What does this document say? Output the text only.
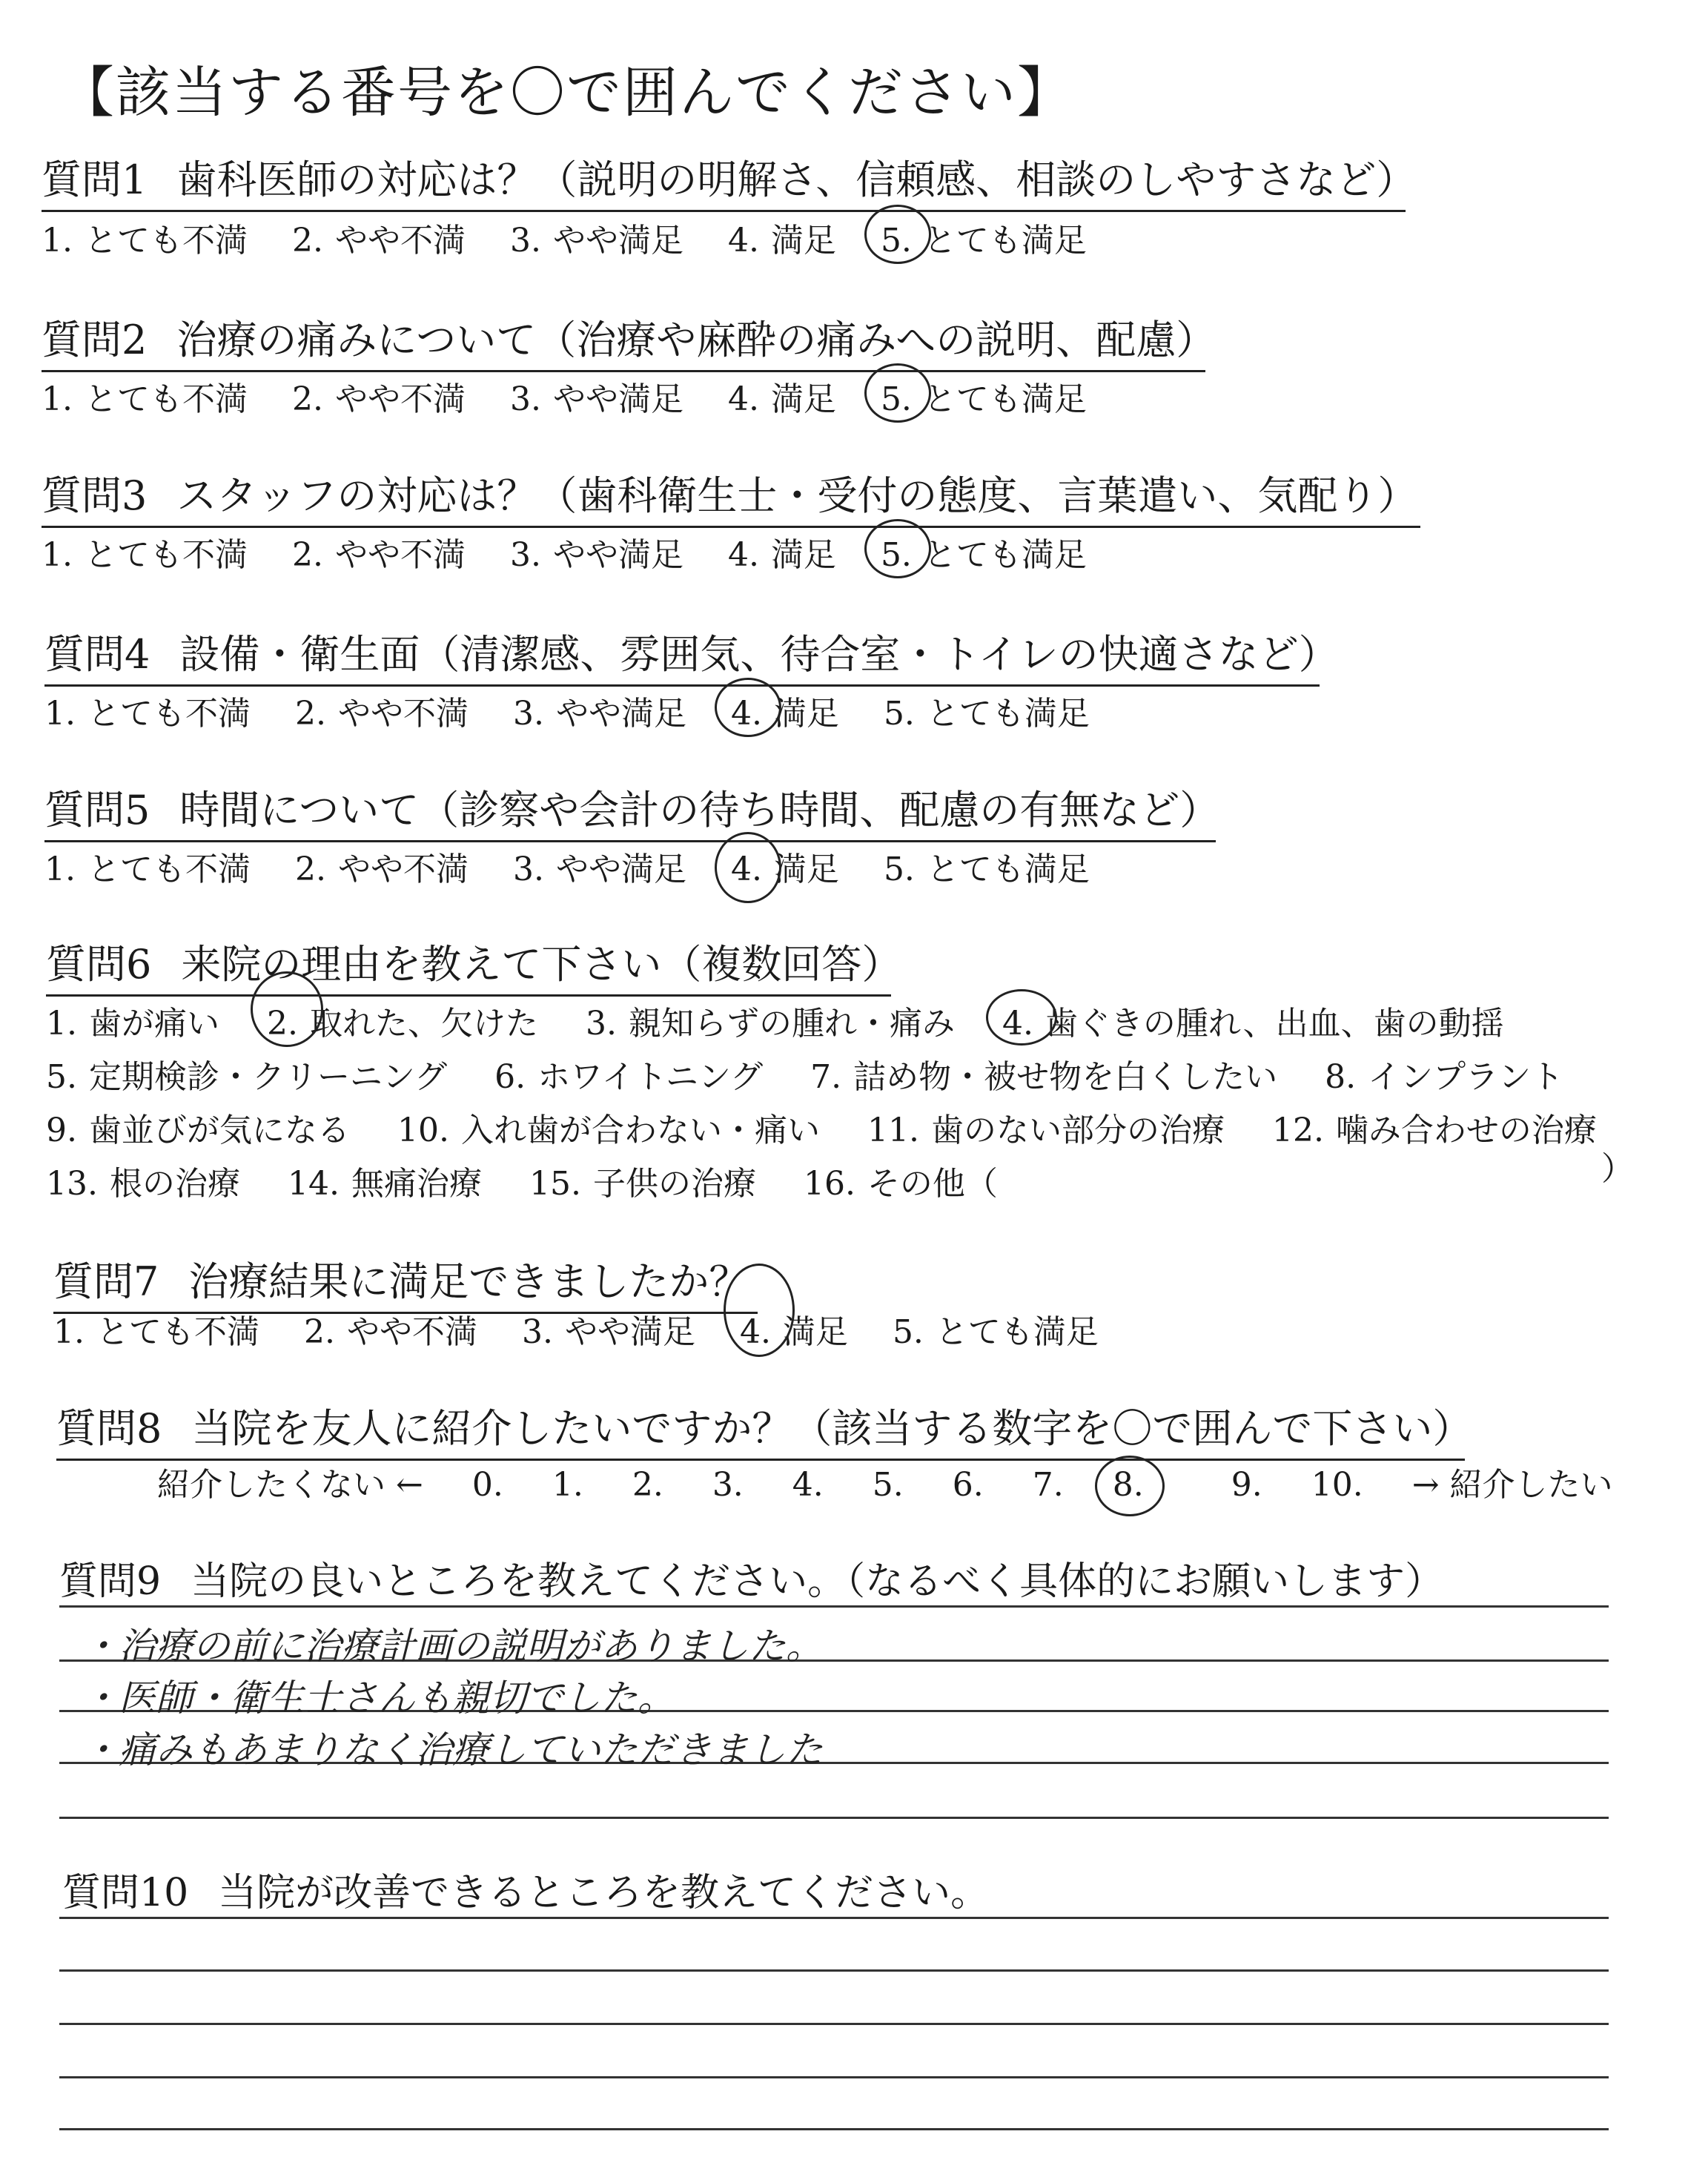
【該当する番号を〇で囲んでください】
質問1 歯科医師の対応は？（説明の明解さ、信頼感、相談のしやすさなど）
1. とても不満 2. やや不満 3. やや満足 4. 満足 5. とても満足
質問2 治療の痛みについて（治療や麻酔の痛みへの説明、配慮）
1. とても不満 2. やや不満 3. やや満足 4. 満足 5. とても満足
質問3 スタッフの対応は？（歯科衛生士・受付の態度、言葉遣い、気配り）
1. とても不満 2. やや不満 3. やや満足 4. 満足 5. とても満足
質問4 設備・衛生面（清潔感、雰囲気、待合室・トイレの快適さなど）
1. とても不満 2. やや不満 3. やや満足 4. 満足 5. とても満足
質問5 時間について（診察や会計の待ち時間、配慮の有無など）
1. とても不満 2. やや不満 3. やや満足 4. 満足 5. とても満足
質問6 来院の理由を教えて下さい（複数回答）
1. 歯が痛い 2. 取れた、欠けた 3. 親知らずの腫れ・痛み 4. 歯ぐきの腫れ、出血、歯の動揺
5. 定期検診・クリーニング 6. ホワイトニング 7. 詰め物・被せ物を白くしたい 8. インプラント
9. 歯並びが気になる 10. 入れ歯が合わない・痛い 11. 歯のない部分の治療 12. 噛み合わせの治療
13. 根の治療 14. 無痛治療 15. 子供の治療 16. その他（	）
質問7 治療結果に満足できましたか？
1. とても不満 2. やや不満 3. やや満足 4. 満足 5. とても満足
質問8 当院を友人に紹介したいですか？（該当する数字を〇で囲んで下さい）
紹介したくない ← 0. 1. 2. 3. 4. 5. 6. 7. 8.	9. 10. → 紹介したい
質問9 当院の良いところを教えてください。（なるべく具体的にお願いします）
・治療の前に治療計画の説明がありました。
・医師・衛生士さんも親切でした。
・痛みもあまりなく治療していただきました
質問10 当院が改善できるところを教えてください。
